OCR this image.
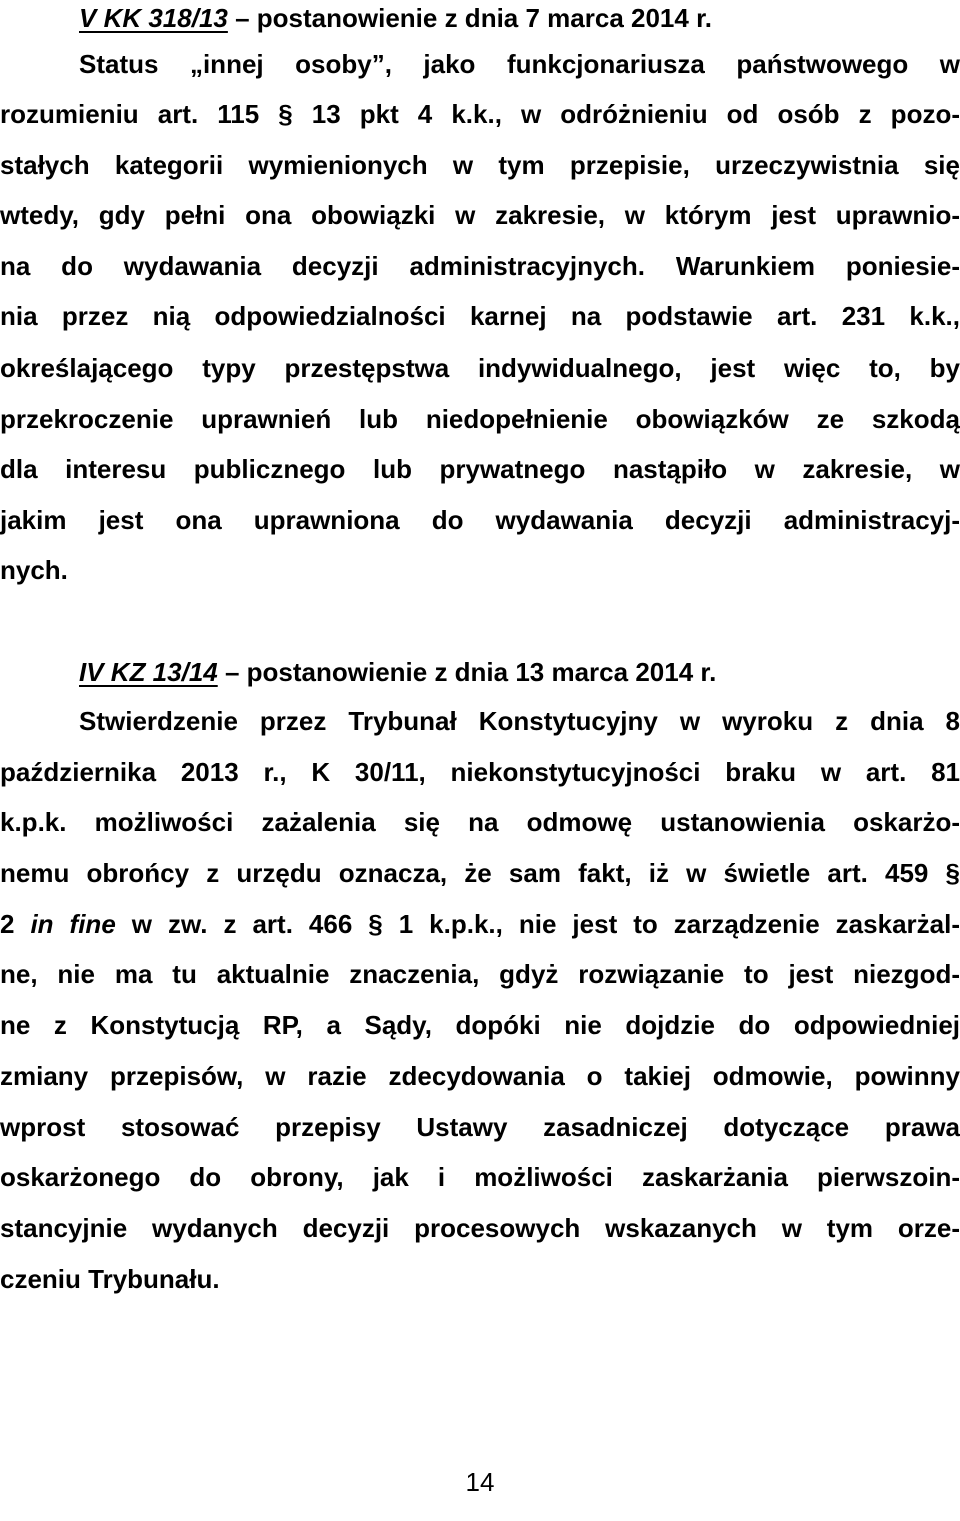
V KK 318/13 – postanowienie z dnia 7 marca 2014 r.

Status „innej osoby”, jako funkcjonariusza państwowego w

rozumieniu art. 115 § 13 pkt 4 k.k., w odróżnieniu od osób z pozo-

stałych kategorii wymienionych w tym przepisie, urzeczywistnia się

wtedy, gdy pełni ona obowiązki w zakresie, w którym jest uprawnio-

na do wydawania decyzji administracyjnych. Warunkiem poniesie-

nia przez nią odpowiedzialności karnej na podstawie art. 231 k.k.,

określającego typy przestępstwa indywidualnego, jest więc to, by

przekroczenie uprawnień lub niedopełnienie obowiązków ze szkodą

dla interesu publicznego lub prywatnego nastąpiło w zakresie, w

jakim jest ona uprawniona do wydawania decyzji administracyj-

nych.

IV KZ 13/14 – postanowienie z dnia 13 marca 2014 r.

Stwierdzenie przez Trybunał Konstytucyjny w wyroku z dnia 8

października 2013 r., K 30/11, niekonstytucyjności braku w art. 81

k.p.k. możliwości zażalenia się na odmowę ustanowienia oskarżo-

nemu obrońcy z urzędu oznacza, że sam fakt, iż w świetle art. 459 §

2 in fine w zw. z art. 466 § 1 k.p.k., nie jest to zarządzenie zaskarżal-

ne, nie ma tu aktualnie znaczenia, gdyż rozwiązanie to jest niezgod-

ne z Konstytucją RP, a Sądy, dopóki nie dojdzie do odpowiedniej

zmiany przepisów, w razie zdecydowania o takiej odmowie, powinny

wprost stosować przepisy Ustawy zasadniczej dotyczące prawa

oskarżonego do obrony, jak i możliwości zaskarżania pierwszoin-

stancyjnie wydanych decyzji procesowych wskazanych w tym orze-

czeniu Trybunału.

14
